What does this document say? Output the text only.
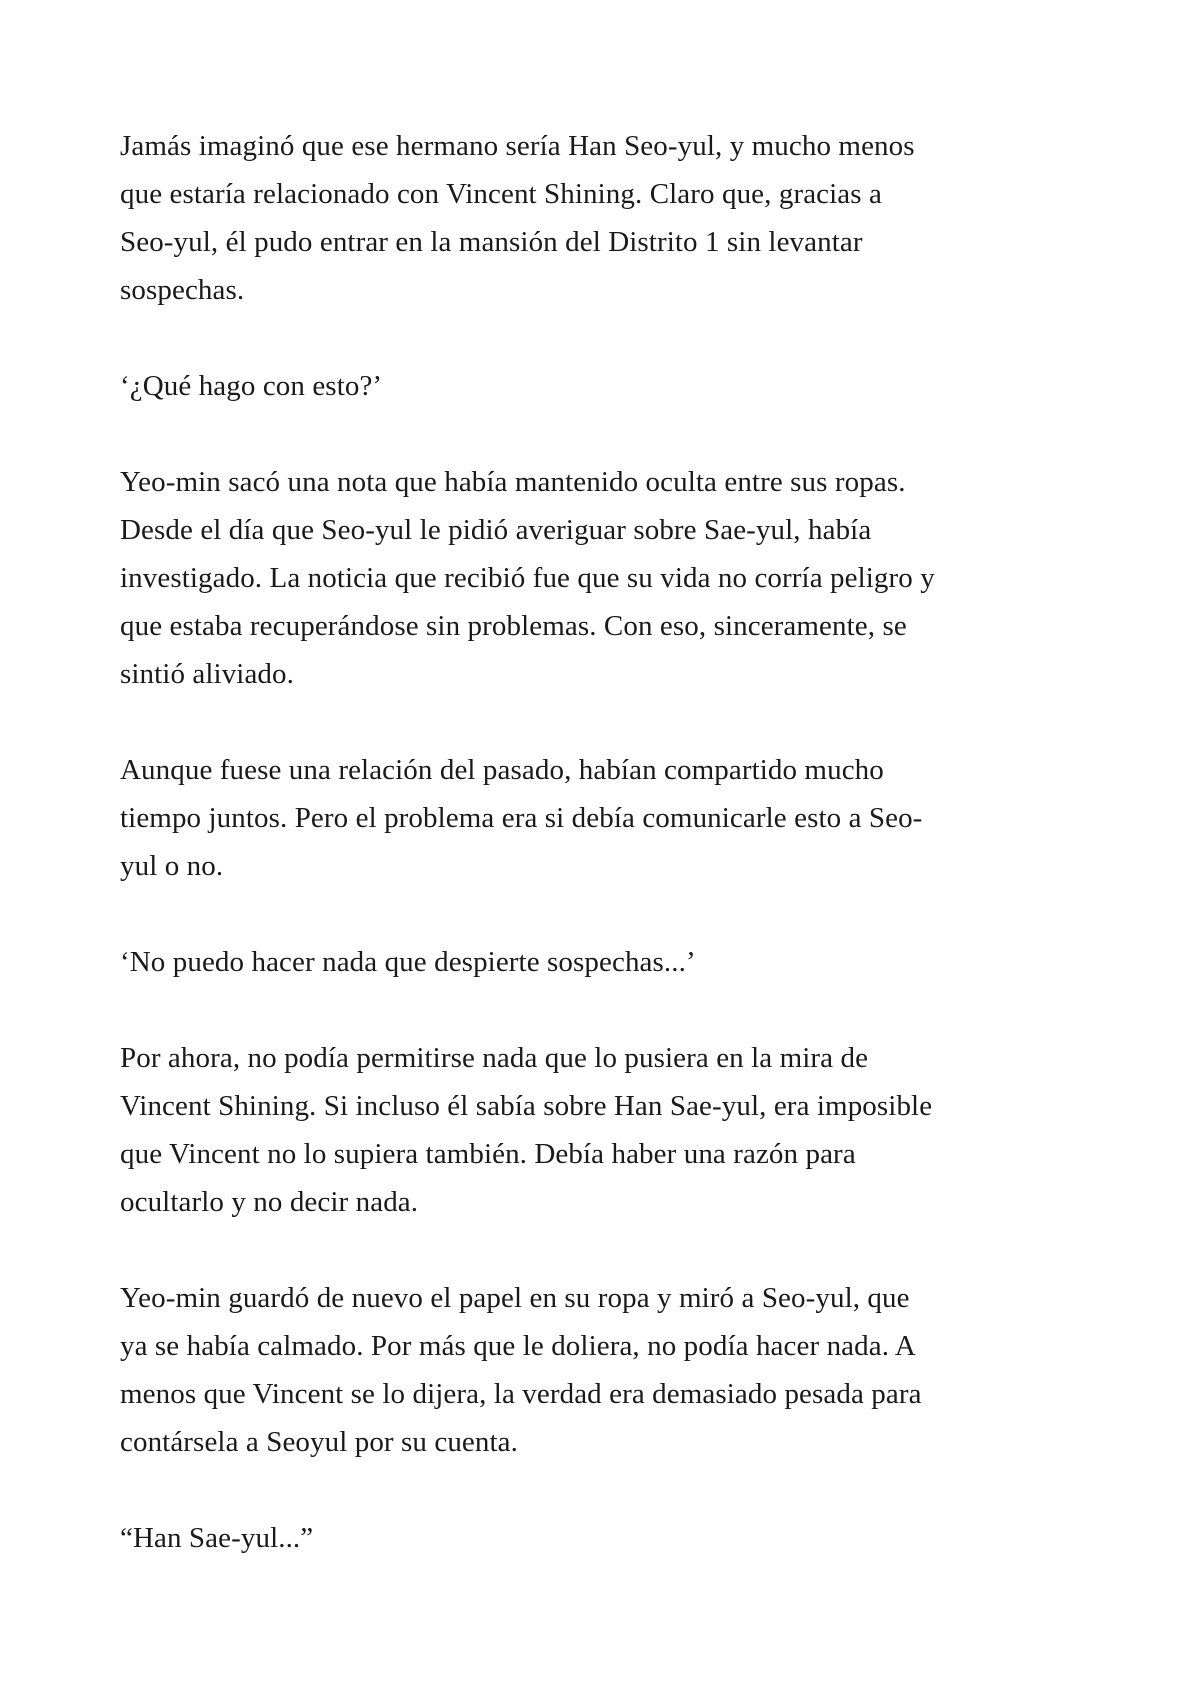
Jamás imaginó que ese hermano sería Han Seo-yul, y mucho menos
que estaría relacionado con Vincent Shining. Claro que, gracias a
Seo-yul, él pudo entrar en la mansión del Distrito 1 sin levantar
sospechas.

‘¿Qué hago con esto?’

Yeo-min sacó una nota que había mantenido oculta entre sus ropas.
Desde el día que Seo-yul le pidió averiguar sobre Sae-yul, había
investigado. La noticia que recibió fue que su vida no corría peligro y
que estaba recuperándose sin problemas. Con eso, sinceramente, se
sintió aliviado.

Aunque fuese una relación del pasado, habían compartido mucho
tiempo juntos. Pero el problema era si debía comunicarle esto a Seo-
yul o no.

‘No puedo hacer nada que despierte sospechas...’

Por ahora, no podía permitirse nada que lo pusiera en la mira de
Vincent Shining. Si incluso él sabía sobre Han Sae-yul, era imposible
que Vincent no lo supiera también. Debía haber una razón para
ocultarlo y no decir nada.

Yeo-min guardó de nuevo el papel en su ropa y miró a Seo-yul, que
ya se había calmado. Por más que le doliera, no podía hacer nada. A
menos que Vincent se lo dijera, la verdad era demasiado pesada para
contársela a Seoyul por su cuenta.

“Han Sae-yul...”
